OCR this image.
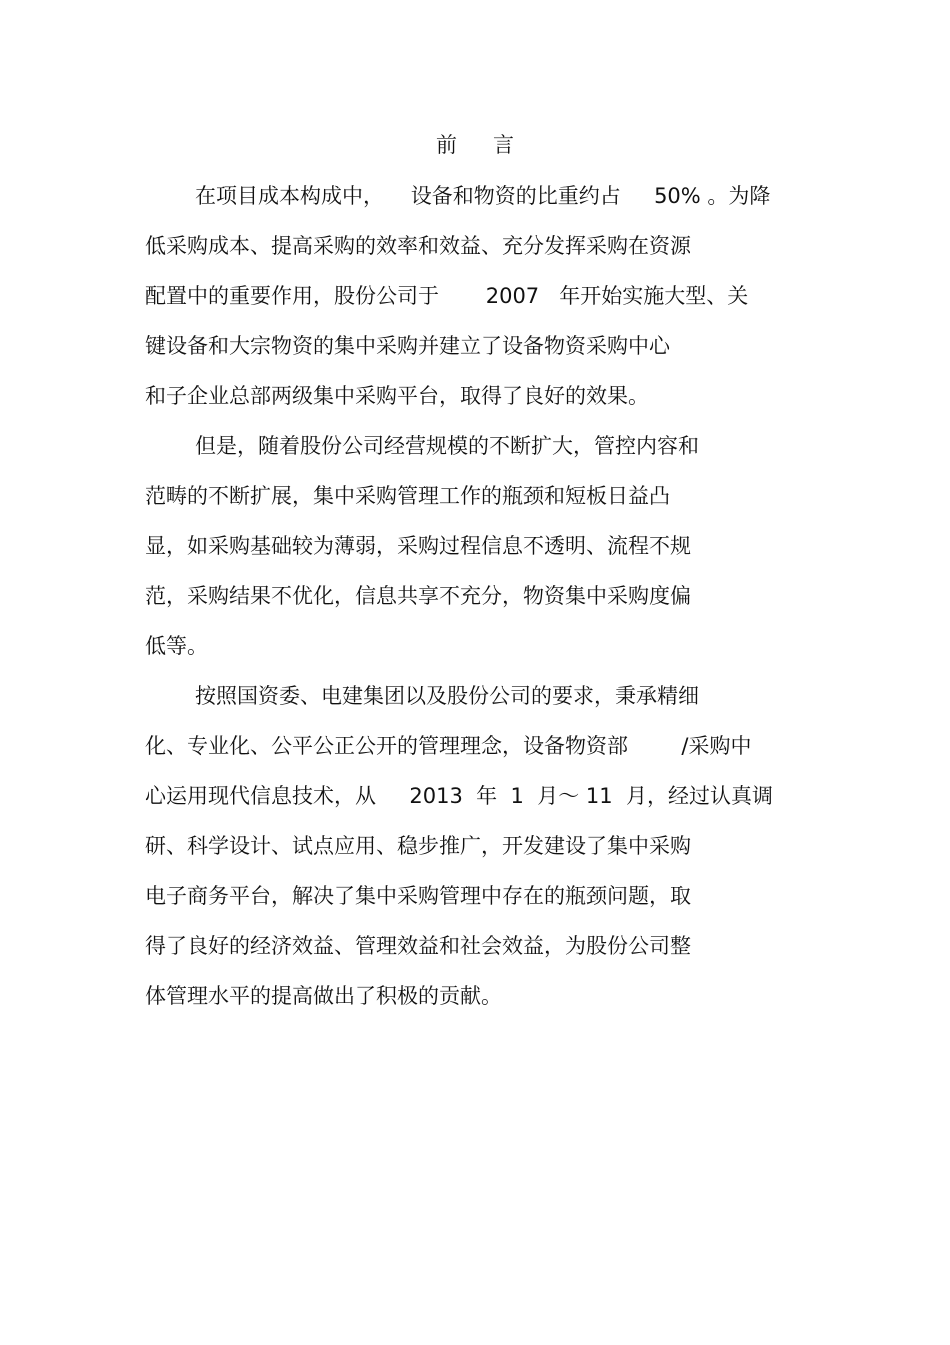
前言
在项目成本构成中，    设备和物资的比重约占     50% 。为降
低采购成本、提高采购的效率和效益、充分发挥采购在资源
配置中的重要作用，股份公司于       2007   年开始实施大型、关
键设备和大宗物资的集中采购并建立了设备物资采购中心
和子企业总部两级集中采购平台，取得了良好的效果。
但是，随着股份公司经营规模的不断扩大，管控内容和
范畴的不断扩展，集中采购管理工作的瓶颈和短板日益凸
显，如采购基础较为薄弱，采购过程信息不透明、流程不规
范，采购结果不优化，信息共享不充分，物资集中采购度偏
低等。
按照国资委、电建集团以及股份公司的要求，秉承精细
化、专业化、公平公正公开的管理理念，设备物资部        /采购中
心运用现代信息技术，从     2013  年  1  月～ 11  月，经过认真调
研、科学设计、试点应用、稳步推广，开发建设了集中采购
电子商务平台，解决了集中采购管理中存在的瓶颈问题，取
得了良好的经济效益、管理效益和社会效益，为股份公司整
体管理水平的提高做出了积极的贡献。
